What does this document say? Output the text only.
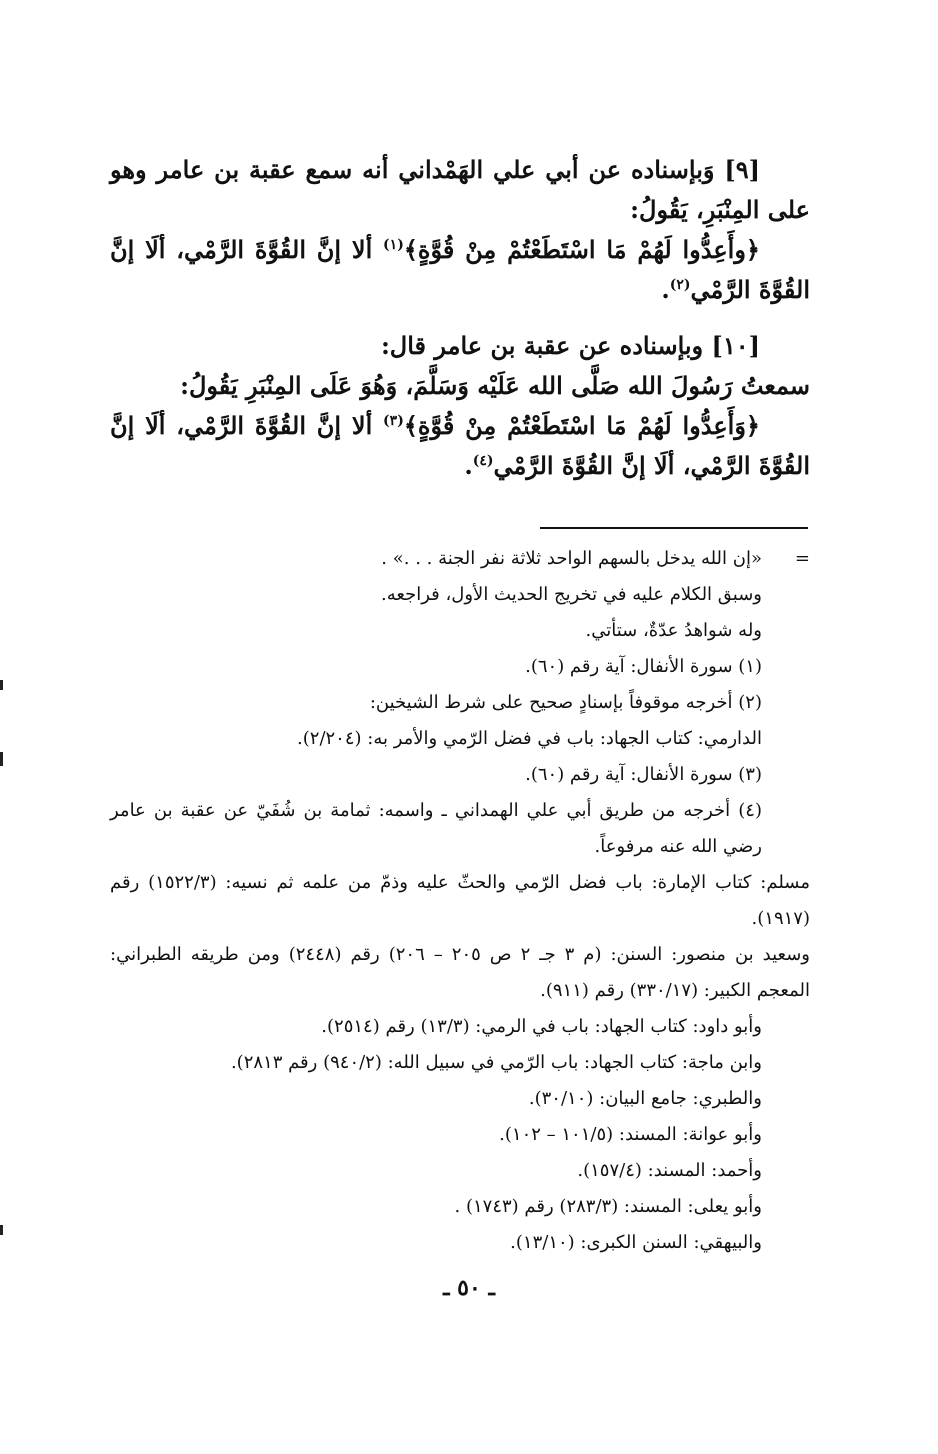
[٩] وَبإسناده عن أبي علي الهَمْداني أنه سمع عقبة بن عامر وهو على المِنْبَرِ، يَقُولُ:

﴿وأَعِدُّوا لَهُمْ مَا اسْتَطَعْتُمْ مِنْ قُوَّةٍ﴾$^{(١)}$ ألا إنَّ القُوَّةَ الرَّمْي، ألَا إنَّ القُوَّةَ الرَّمْي$^{(٢)}$.

[١٠] وبإسناده عن عقبة بن عامر قال:

سمعتُ رَسُولَ الله صَلَّى الله عَلَيْه وَسَلَّمَ، وَهُوَ عَلَى المِنْبَرِ يَقُولُ:

﴿وَأَعِدُّوا لَهُمْ مَا اسْتَطَعْتُمْ مِنْ قُوَّةٍ﴾$^{(٣)}$ ألا إنَّ القُوَّةَ الرَّمْي، ألَا إنَّ القُوَّةَ الرَّمْي، ألَا إنَّ القُوَّةَ الرَّمْي$^{(٤)}$.

=
«إن الله يدخل بالسهم الواحد ثلاثة نفر الجنة . . .» .

وسبق الكلام عليه في تخريج الحديث الأول، فراجعه.

وله شواهدُ عدّةٌ، ستأتي.

(١) سورة الأنفال: آية رقم (٦٠).

(٢) أخرجه موقوفاً بإسنادٍ صحيح على شرط الشيخين:

الدارمي: كتاب الجهاد: باب في فضل الرّمي والأمر به: (٢/٢٠٤).

(٣) سورة الأنفال: آية رقم (٦٠).

(٤) أخرجه من طريق أبي علي الهمداني ـ واسمه: ثمامة بن شُفَيّ عن عقبة بن عامر رضي الله عنه مرفوعاً.

مسلم: كتاب الإمارة: باب فضل الرّمي والحثّ عليه وذمّ من علمه ثم نسيه: (١٥٢٢/٣) رقم (١٩١٧).

وسعيد بن منصور: السنن: (م ٣ جـ ٢ ص ٢٠٥ – ٢٠٦) رقم (٢٤٤٨) ومن طريقه الطبراني: المعجم الكبير: (٣٣٠/١٧) رقم (٩١١).

وأبو داود: كتاب الجهاد: باب في الرمي: (١٣/٣) رقم (٢٥١٤).

وابن ماجة: كتاب الجهاد: باب الرّمي في سبيل الله: (٩٤٠/٢) رقم ٢٨١٣).

والطبري: جامع البيان: (٣٠/١٠).

وأبو عوانة: المسند: (١٠١/٥ – ١٠٢).

وأحمد: المسند: (١٥٧/٤).

وأبو يعلى: المسند: (٢٨٣/٣) رقم (١٧٤٣) .

والبيهقي: السنن الكبرى: (١٣/١٠).

ـ ٥٠ ـ
